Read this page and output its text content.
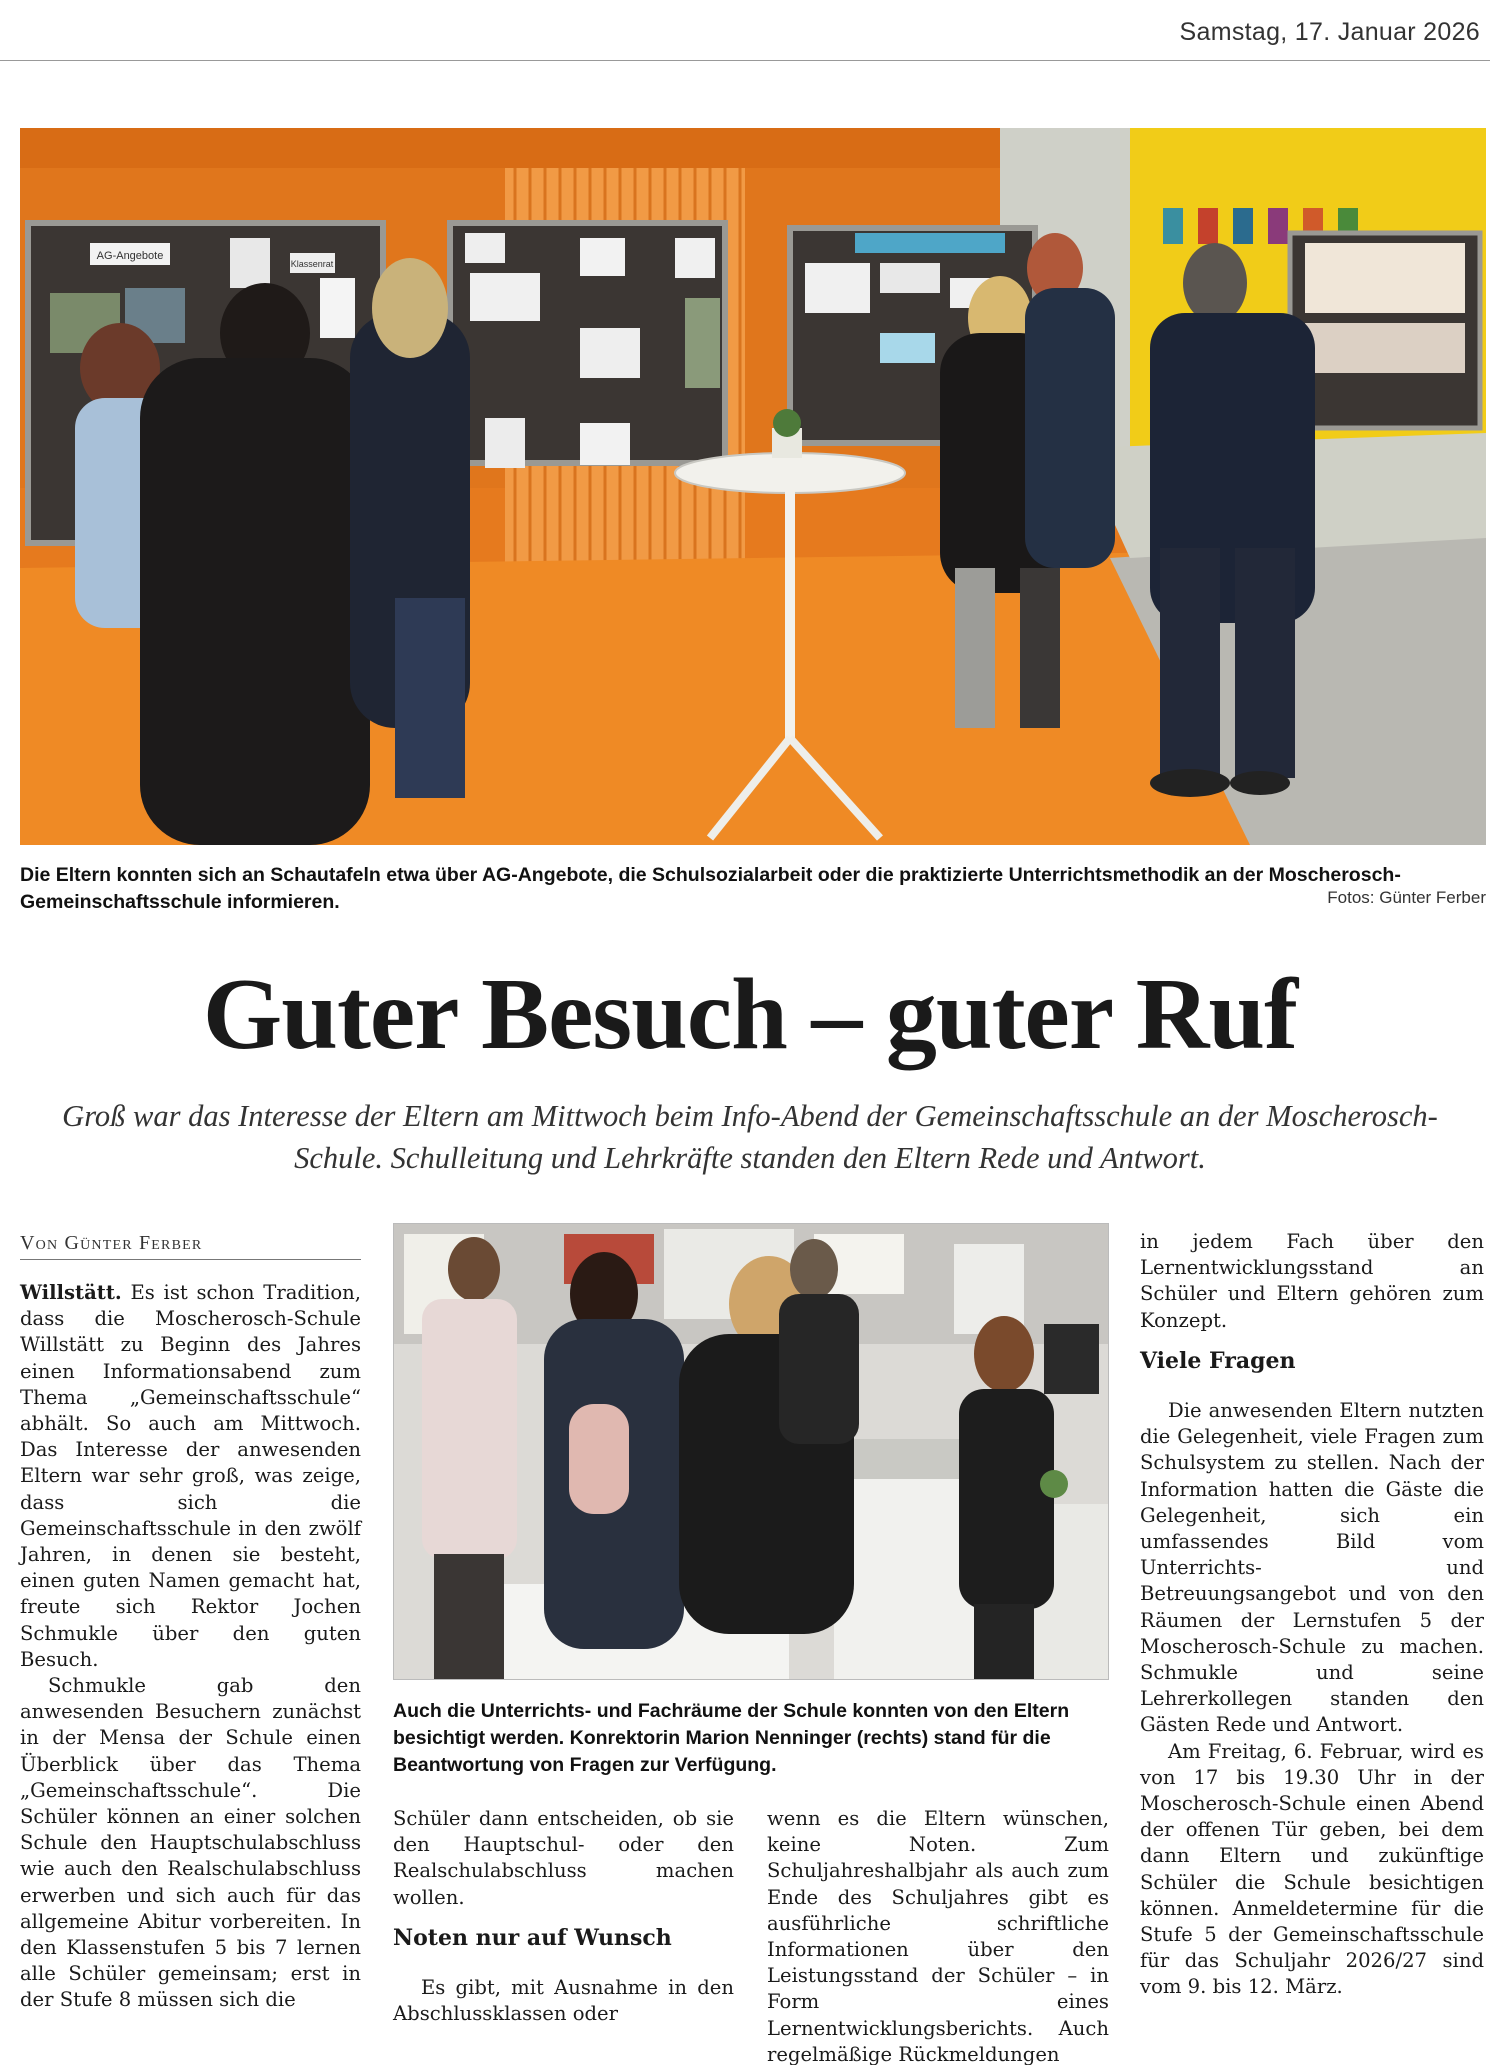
Samstag, 17. Januar 2026
AG-Angebote
Klassenrat
Die Eltern konnten sich an Schautafeln etwa über AG-Angebote, die Schulsozialarbeit oder die praktizierte Unterrichtsmethodik an der Moscherosch-Gemeinschaftsschule informieren.	Fotos: Günter Ferber
Guter Besuch – guter Ruf
Groß war das Interesse der Eltern am Mittwoch beim Info-Abend der Gemeinschaftsschule an der Moscherosch-Schule. Schulleitung und Lehrkräfte standen den Eltern Rede und Antwort.
Von Günter Ferber

Willstätt. Es ist schon Tradition, dass die Moscherosch-Schule Willstätt zu Beginn des Jahres einen Informationsabend zum Thema „Gemeinschaftsschule“ abhält. So auch am Mittwoch. Das Interesse der anwesenden Eltern war sehr groß, was zeige, dass sich die Gemeinschaftsschule in den zwölf Jahren, in denen sie besteht, einen guten Namen gemacht hat, freute sich Rektor Jochen Schmukle über den guten Besuch.

Schmukle gab den anwesenden Besuchern zunächst in der Mensa der Schule einen Überblick über das Thema „Gemeinschaftsschule“. Die Schüler können an einer solchen Schule den Hauptschulabschluss wie auch den Realschulabschluss erwerben und sich auch für das allgemeine Abitur vorbereiten. In den Klassenstufen 5 bis 7 lernen alle Schüler gemeinsam; erst in der Stufe 8 müssen sich die

Auch die Unterrichts- und Fachräume der Schule konnten von den Eltern besichtigt werden. Konrektorin Marion Nenninger (rechts) stand für die Beantwortung von Fragen zur Verfügung.

Schüler dann entscheiden, ob sie den Hauptschul- oder den Realschulabschluss machen wollen.

Noten nur auf Wunsch

Es gibt, mit Ausnahme in den Abschlussklassen oder

wenn es die Eltern wünschen, keine Noten. Zum Schuljahreshalbjahr als auch zum Ende des Schuljahres gibt es ausführliche schriftliche Informationen über den Leistungsstand der Schüler – in Form eines Lernentwicklungsberichts. Auch regelmäßige Rückmeldungen

in jedem Fach über den Lernentwicklungsstand an Schüler und Eltern gehören zum Konzept.

Viele Fragen

Die anwesenden Eltern nutzten die Gelegenheit, viele Fragen zum Schulsystem zu stellen. Nach der Information hatten die Gäste die Gelegenheit, sich ein umfassendes Bild vom Unterrichts- und Betreuungsangebot und von den Räumen der Lernstufen 5 der Moscherosch-Schule zu machen. Schmukle und seine Lehrerkollegen standen den Gästen Rede und Antwort.

Am Freitag, 6. Februar, wird es von 17 bis 19.30 Uhr in der Moscherosch-Schule einen Abend der offenen Tür geben, bei dem dann Eltern und zukünftige Schüler die Schule besichtigen können. Anmeldetermine für die Stufe 5 der Gemeinschaftsschule für das Schuljahr 2026/27 sind vom 9. bis 12. März.
